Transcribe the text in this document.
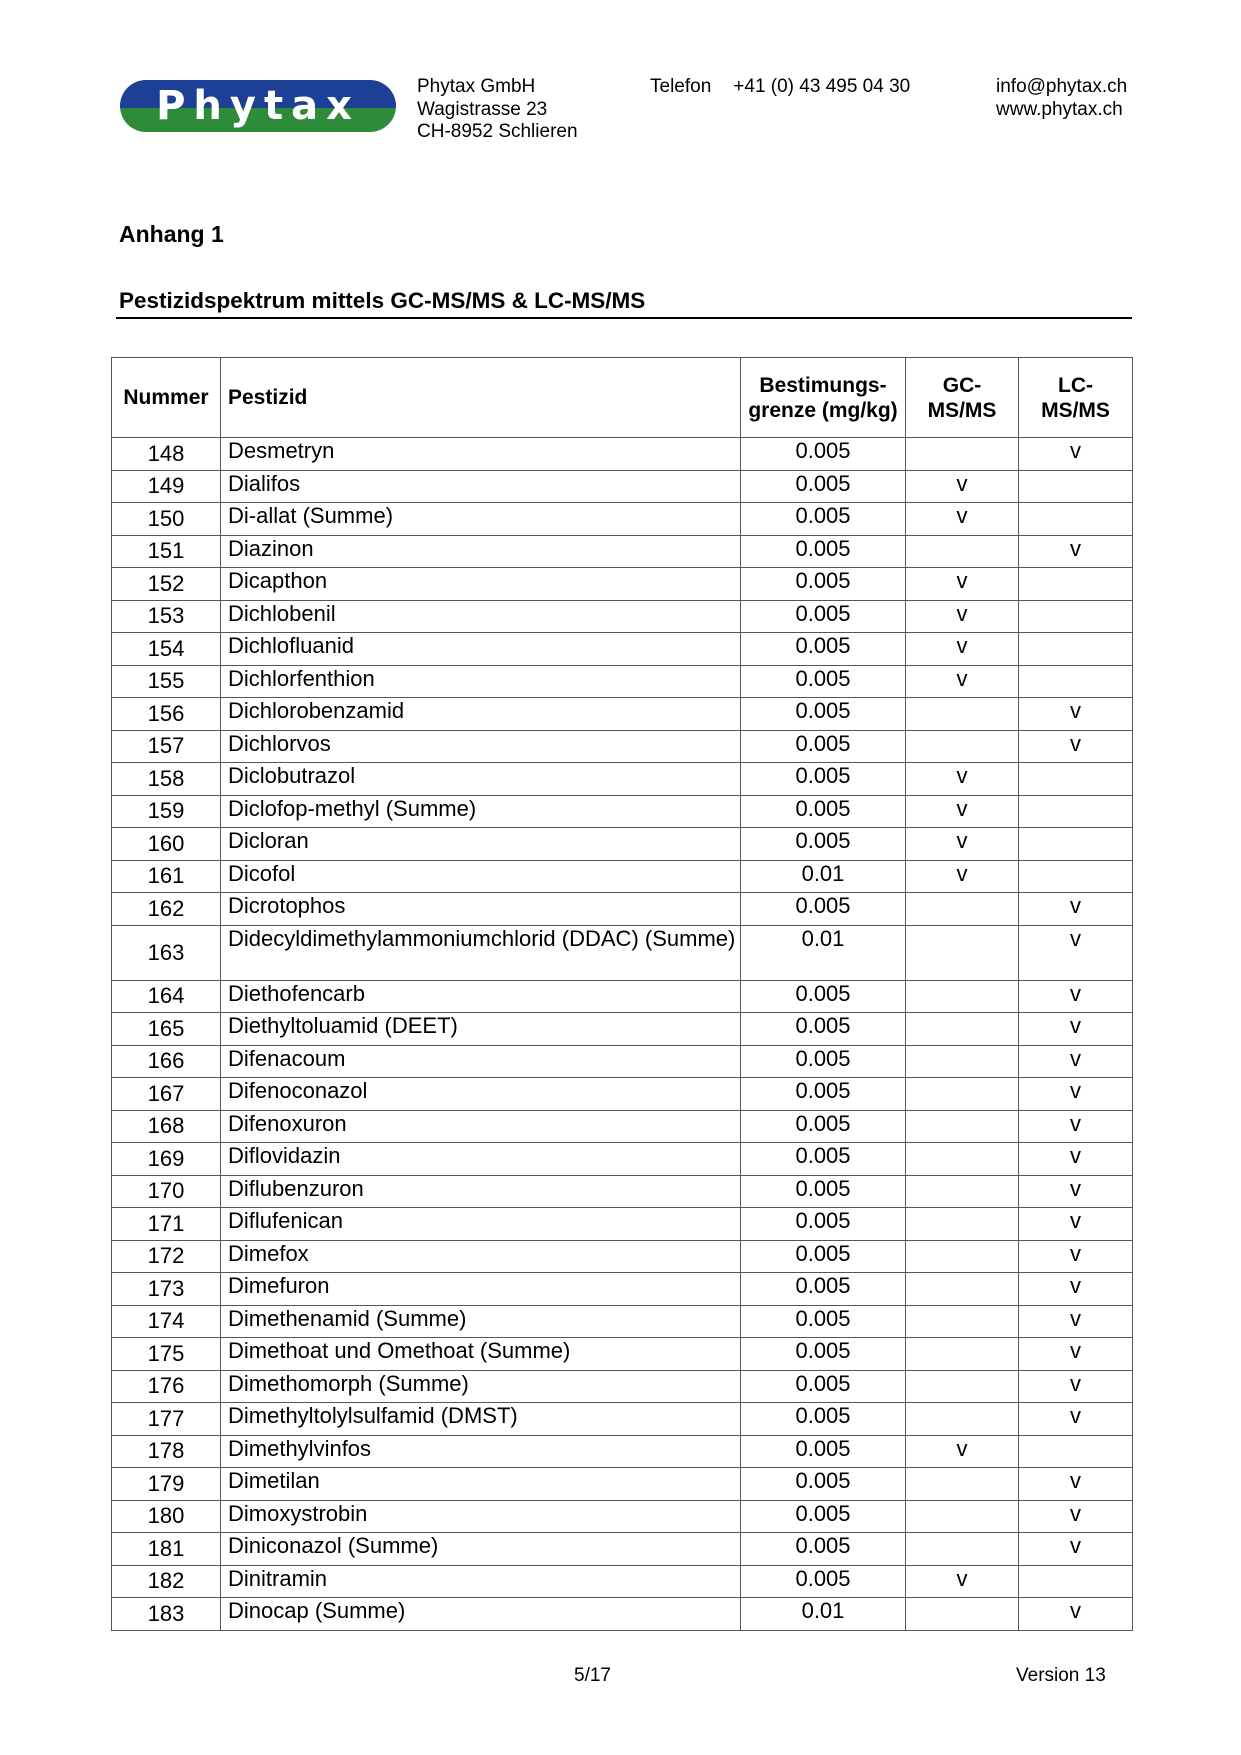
Phytax	Phytax GmbH
Wagistrasse 23
CH-8952 Schlieren
Telefon +41 (0) 43 495 04 30	info@phytax.ch
www.phytax.ch
Anhang 1
Pestizidspektrum mittels GC-MS/MS & LC-MS/MS
Nummer	Pestizid	Bestimungs-grenze (mg/kg)	GC-MS/MS	LC-MS/MS
148	Desmetryn	0.005		v
149	Dialifos	0.005	v	
150	Di-allat (Summe)	0.005	v	
151	Diazinon	0.005		v
152	Dicapthon	0.005	v	
153	Dichlobenil	0.005	v	
154	Dichlofluanid	0.005	v	
155	Dichlorfenthion	0.005	v	
156	Dichlorobenzamid	0.005		v
157	Dichlorvos	0.005		v
158	Diclobutrazol	0.005	v	
159	Diclofop-methyl (Summe)	0.005	v	
160	Dicloran	0.005	v	
161	Dicofol	0.01	v	
162	Dicrotophos	0.005		v
163	Didecyldimethylammoniumchlorid (DDAC) (Summe)	0.01		v
164	Diethofencarb	0.005		v
165	Diethyltoluamid (DEET)	0.005		v
166	Difenacoum	0.005		v
167	Difenoconazol	0.005		v
168	Difenoxuron	0.005		v
169	Diflovidazin	0.005		v
170	Diflubenzuron	0.005		v
171	Diflufenican	0.005		v
172	Dimefox	0.005		v
173	Dimefuron	0.005		v
174	Dimethenamid (Summe)	0.005		v
175	Dimethoat und Omethoat (Summe)	0.005		v
176	Dimethomorph (Summe)	0.005		v
177	Dimethyltolylsulfamid (DMST)	0.005		v
178	Dimethylvinfos	0.005	v	
179	Dimetilan	0.005		v
180	Dimoxystrobin	0.005		v
181	Diniconazol (Summe)	0.005		v
182	Dinitramin	0.005	v	
183	Dinocap (Summe)	0.01		v
5/17	Version 13
